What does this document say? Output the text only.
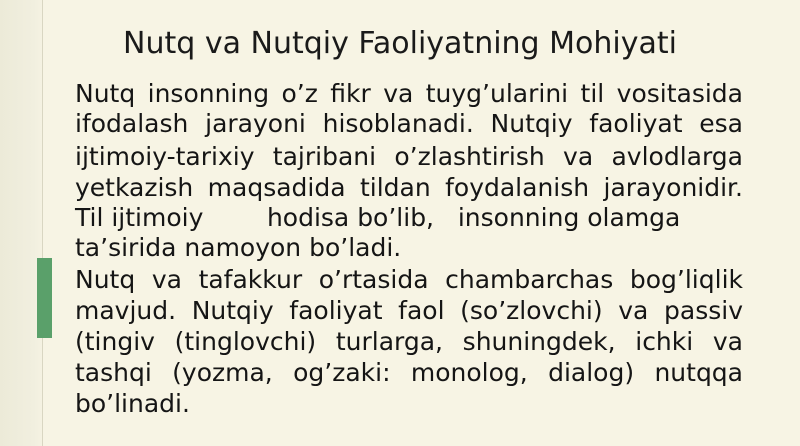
Nutq va Nutqiy Faoliyatning Mohiyati
Nutq insonning o’z fikr va tuyg’ularini til vositasida
ifodalash jarayoni hisoblanadi. Nutqiy faoliyat esa
ijtimoiy-tarixiy tajribani o’zlashtirish va avlodlarga
yetkazish maqsadida tildan foydalanish jarayonidir.
Til ijtimoiy        hodisa bo’lib,   insonning olamga
ta’sirida namoyon bo’ladi.
Nutq va tafakkur o’rtasida chambarchas bog’liqlik
mavjud. Nutqiy faoliyat faol (so’zlovchi) va passiv
(tingiv (tinglovchi) turlarga, shuningdek, ichki va
tashqi (yozma, og’zaki: monolog, dialog) nutqqa
bo’linadi.
